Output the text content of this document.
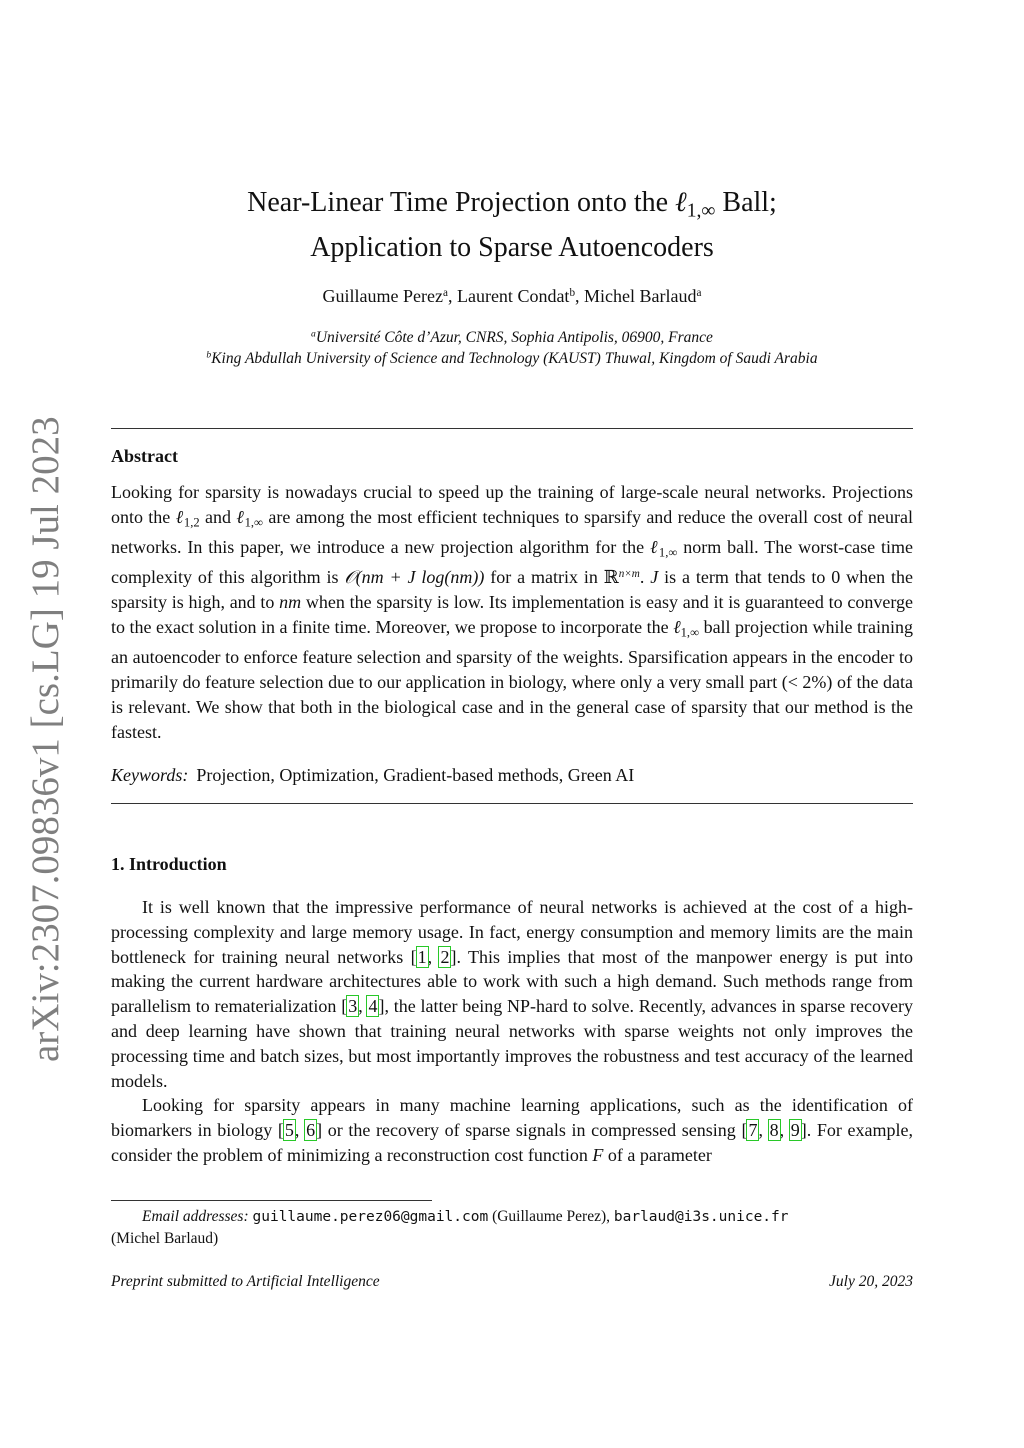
arXiv:2307.09836v1 [cs.LG] 19 Jul 2023
Near-Linear Time Projection onto the ℓ$_{1,\infty}$ Ball;
Application to Sparse Autoencoders
Guillaume Perez$^a$, Laurent Condat$^b$, Michel Barlaud$^a$
$^a$Université Côte d’Azur, CNRS, Sophia Antipolis, 06900, France
$^b$King Abdullah University of Science and Technology (KAUST) Thuwal, Kingdom of Saudi Arabia
Abstract
Looking for sparsity is nowadays crucial to speed up the training of large-scale neural networks. Projections onto the ℓ$_{1,2}$ and ℓ$_{1,\infty}$ are among the most efficient techniques to sparsify and reduce the overall cost of neural networks. In this paper, we introduce a new projection algorithm for the ℓ$_{1,\infty}$ norm ball. The worst-case time complexity of this algorithm is 𝒪(nm + J log(nm)) for a matrix in ℝ$^{n\times m}$. J is a term that tends to 0 when the sparsity is high, and to nm when the sparsity is low. Its implementation is easy and it is guaranteed to converge to the exact solution in a finite time. Moreover, we propose to incorporate the ℓ$_{1,\infty}$ ball projection while training an autoencoder to enforce feature selection and sparsity of the weights. Sparsification appears in the encoder to primarily do feature selection due to our application in biology, where only a very small part (< 2%) of the data is relevant. We show that both in the biological case and in the general case of sparsity that our method is the fastest.
Keywords: Projection, Optimization, Gradient-based methods, Green AI
1. Introduction

It is well known that the impressive performance of neural networks is achieved at the cost of a high-processing complexity and large memory usage. In fact, energy consumption and memory limits are the main bottleneck for training neural networks [1, 2]. This implies that most of the manpower energy is put into making the current hardware architectures able to work with such a high demand. Such methods range from parallelism to rematerialization [3, 4], the latter being NP-hard to solve. Recently, advances in sparse recovery and deep learning have shown that training neural networks with sparse weights not only improves the processing time and batch sizes, but most importantly improves the robustness and test accuracy of the learned models.

Looking for sparsity appears in many machine learning applications, such as the identification of biomarkers in biology [5, 6] or the recovery of sparse signals in compressed sensing [7, 8, 9]. For example, consider the problem of minimizing a reconstruction cost function F of a parameter

Email addresses: guillaume.perez06@gmail.com (Guillaume Perez), barlaud@i3s.unice.fr
(Michel Barlaud)
Preprint submitted to Artificial Intelligence	July 20, 2023
